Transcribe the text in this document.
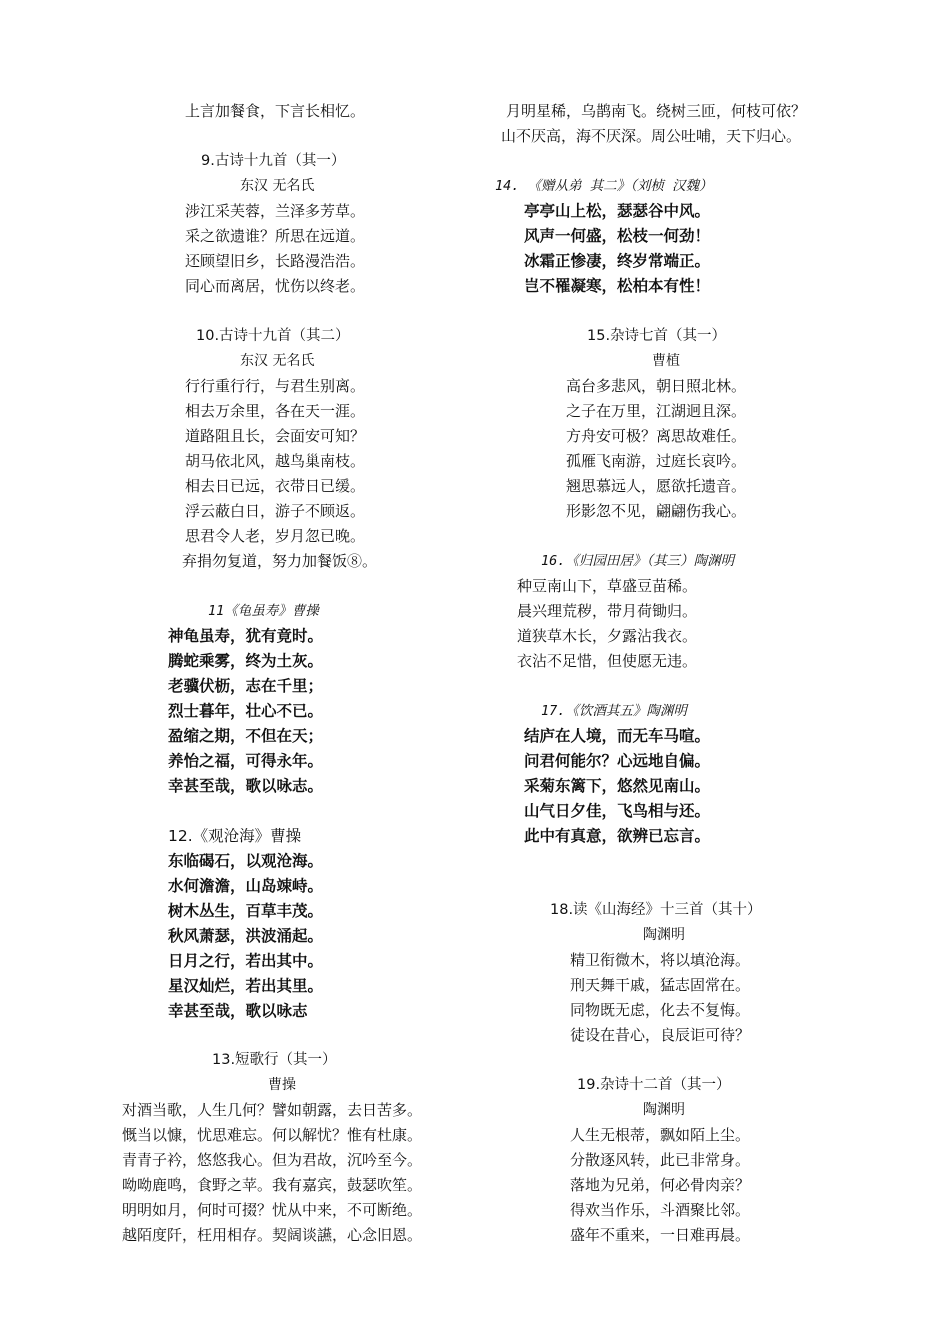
上言加餐食，下言长相忆。
9.古诗十九首（其一）
东汉 无名氏
涉江采芙蓉，兰泽多芳草。
采之欲遗谁？所思在远道。
还顾望旧乡，长路漫浩浩。
同心而离居，忧伤以终老。
10.古诗十九首（其二）
东汉 无名氏
行行重行行，与君生别离。
相去万余里，各在天一涯。
道路阻且长，会面安可知？
胡马依北风，越鸟巢南枝。
相去日已远，衣带日已缓。
浮云蔽白日，游子不顾返。
思君令人老，岁月忽已晚。
弃捐勿复道，努力加餐饭⑧。
11《龟虽寿》曹操
神龟虽寿，犹有竟时。
腾蛇乘雾，终为土灰。
老骥伏枥，志在千里；
烈士暮年，壮心不已。
盈缩之期，不但在天；
养怡之福，可得永年。
幸甚至哉，歌以咏志。
12.《观沧海》曹操
东临碣石，以观沧海。
水何澹澹，山岛竦峙。
树木丛生，百草丰茂。
秋风萧瑟，洪波涌起。
日月之行，若出其中。
星汉灿烂，若出其里。
幸甚至哉，歌以咏志
13.短歌行（其一）
曹操
对酒当歌，人生几何？譬如朝露，去日苦多。
慨当以慷，忧思难忘。何以解忧？惟有杜康。
青青子衿，悠悠我心。但为君故，沉吟至今。
呦呦鹿鸣，食野之苹。我有嘉宾，鼓瑟吹笙。
明明如月，何时可掇？忧从中来，不可断绝。
越陌度阡，枉用相存。契阔谈讌，心念旧恩。
月明星稀，乌鹊南飞。绕树三匝，何枝可依？
山不厌高，海不厌深。周公吐哺，天下归心。
14. 《赠从弟 其二》（刘桢 汉魏）
亭亭山上松，瑟瑟谷中风。
风声一何盛，松枝一何劲！
冰霜正惨凄，终岁常端正。
岂不罹凝寒，松柏本有性！
15.杂诗七首（其一）
曹植
高台多悲风，朝日照北林。
之子在万里，江湖迥且深。
方舟安可极？离思故难任。
孤雁飞南游，过庭长哀吟。
翘思慕远人，愿欲托遗音。
形影忽不见，翩翩伤我心。
16.《归园田居》（其三）陶渊明
种豆南山下，草盛豆苗稀。
晨兴理荒秽，带月荷锄归。
道狭草木长，夕露沾我衣。
衣沾不足惜，但使愿无违。
17.《饮酒其五》陶渊明
结庐在人境，而无车马喧。
问君何能尔？心远地自偏。
采菊东篱下，悠然见南山。
山气日夕佳，飞鸟相与还。
此中有真意，欲辨已忘言。
18.读《山海经》十三首（其十）
陶渊明
精卫衔微木，将以填沧海。
刑天舞干戚，猛志固常在。
同物既无虑，化去不复悔。
徒设在昔心，良辰讵可待？
19.杂诗十二首（其一）
陶渊明
人生无根蒂，飘如陌上尘。
分散逐风转，此已非常身。
落地为兄弟，何必骨肉亲？
得欢当作乐，斗酒聚比邻。
盛年不重来，一日难再晨。
